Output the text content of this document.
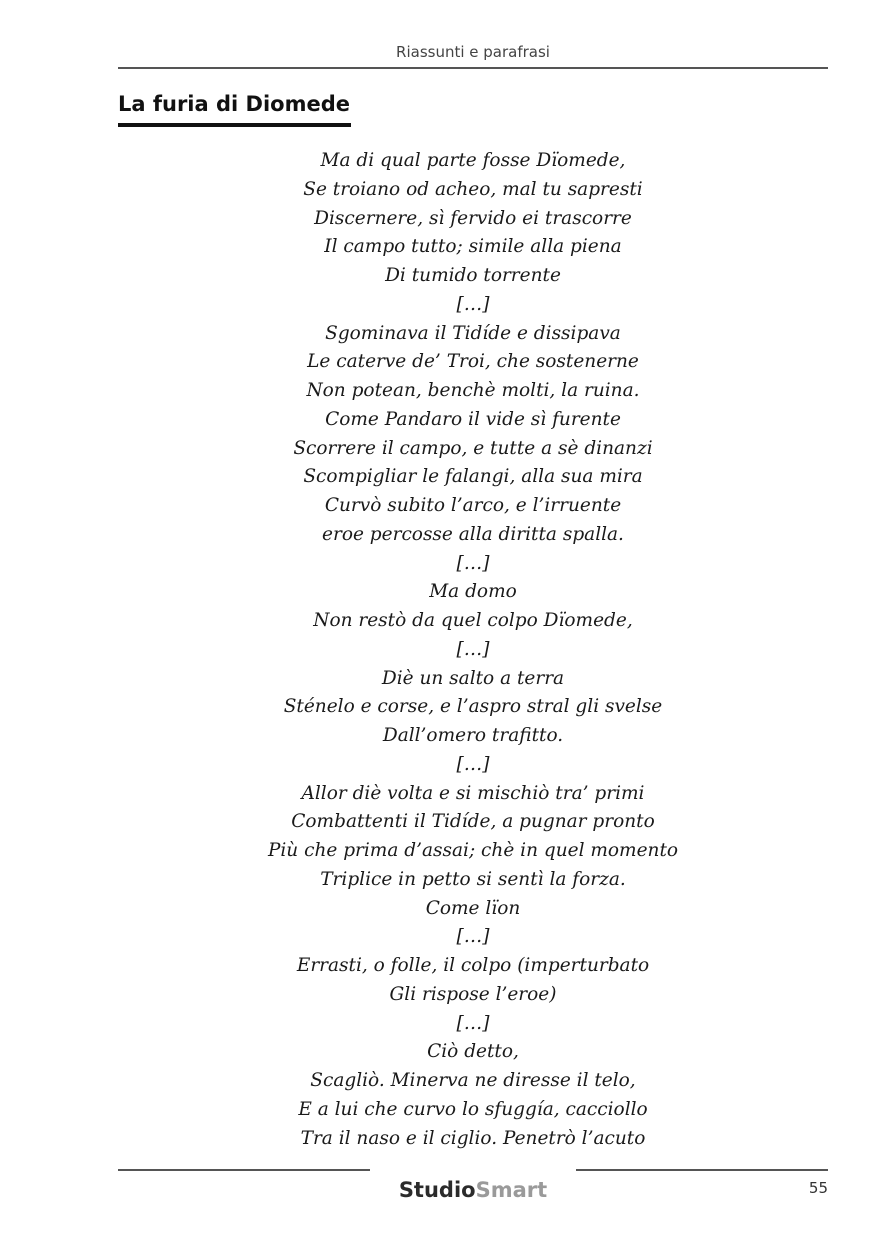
Riassunti e parafrasi
La furia di Diomede
Ma di qual parte fosse Dïomede,
Se troiano od acheo, mal tu sapresti
Discernere, sì fervido ei trascorre
Il campo tutto; simile alla piena
Di tumido torrente
[…]
Sgominava il Tidíde e dissipava
Le caterve de’ Troi, che sostenerne
Non potean, benchè molti, la ruina.
Come Pandaro il vide sì furente
Scorrere il campo, e tutte a sè dinanzi
Scompigliar le falangi, alla sua mira
Curvò subito l’arco, e l’irruente
eroe percosse alla diritta spalla.
[…]
Ma domo
Non restò da quel colpo Dïomede,
[…]
Diè un salto a terra
Sténelo e corse, e l’aspro stral gli svelse
Dall’omero trafitto.
[…]
Allor diè volta e si mischiò tra’ primi
Combattenti il Tidíde, a pugnar pronto
Più che prima d’assai; chè in quel momento
Triplice in petto si sentì la forza.
Come lïon
[…]
Errasti, o folle, il colpo (imperturbato
Gli rispose l’eroe)
[…]
Ciò detto,
Scagliò. Minerva ne diresse il telo,
E a lui che curvo lo sfuggía, cacciollo
Tra il naso e il ciglio. Penetrò l’acuto
StudioSmart	55
